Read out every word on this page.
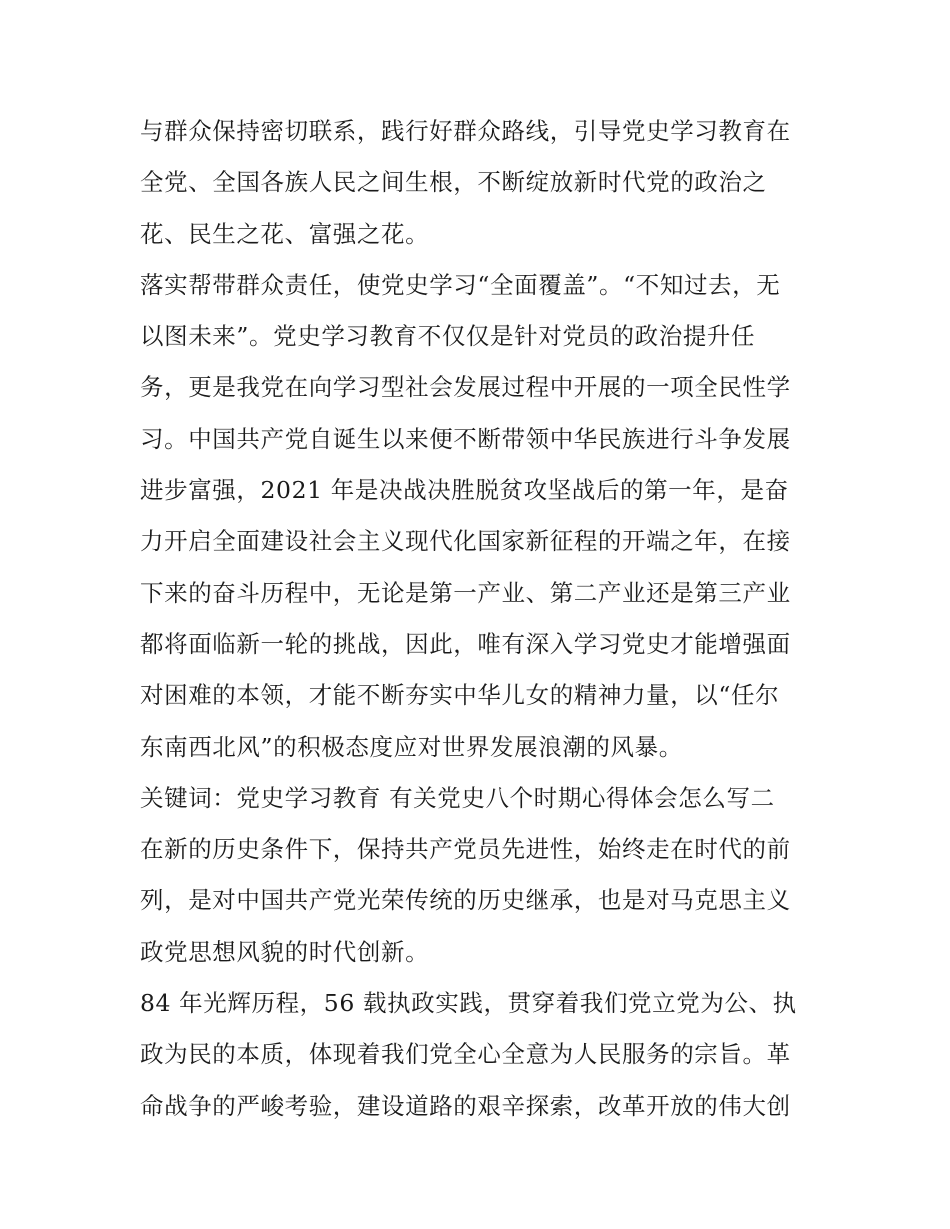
与群众保持密切联系，践行好群众路线，引导党史学习教育在
全党、全国各族人民之间生根，不断绽放新时代党的政治之
花、民生之花、富强之花。
落实帮带群众责任，使党史学习“全面覆盖”。“不知过去，无
以图未来”。党史学习教育不仅仅是针对党员的政治提升任
务，更是我党在向学习型社会发展过程中开展的一项全民性学
习。中国共产党自诞生以来便不断带领中华民族进行斗争发展
进步富强，2021 年是决战决胜脱贫攻坚战后的第一年，是奋
力开启全面建设社会主义现代化国家新征程的开端之年，在接
下来的奋斗历程中，无论是第一产业、第二产业还是第三产业
都将面临新一轮的挑战，因此，唯有深入学习党史才能增强面
对困难的本领，才能不断夯实中华儿女的精神力量，以“任尔
东南西北风”的积极态度应对世界发展浪潮的风暴。
关键词：党史学习教育 有关党史八个时期心得体会怎么写二
在新的历史条件下，保持共产党员先进性，始终走在时代的前
列，是对中国共产党光荣传统的历史继承，也是对马克思主义
政党思想风貌的时代创新。
84 年光辉历程，56 载执政实践，贯穿着我们党立党为公、执
政为民的本质，体现着我们党全心全意为人民服务的宗旨。革
命战争的严峻考验，建设道路的艰辛探索，改革开放的伟大创
